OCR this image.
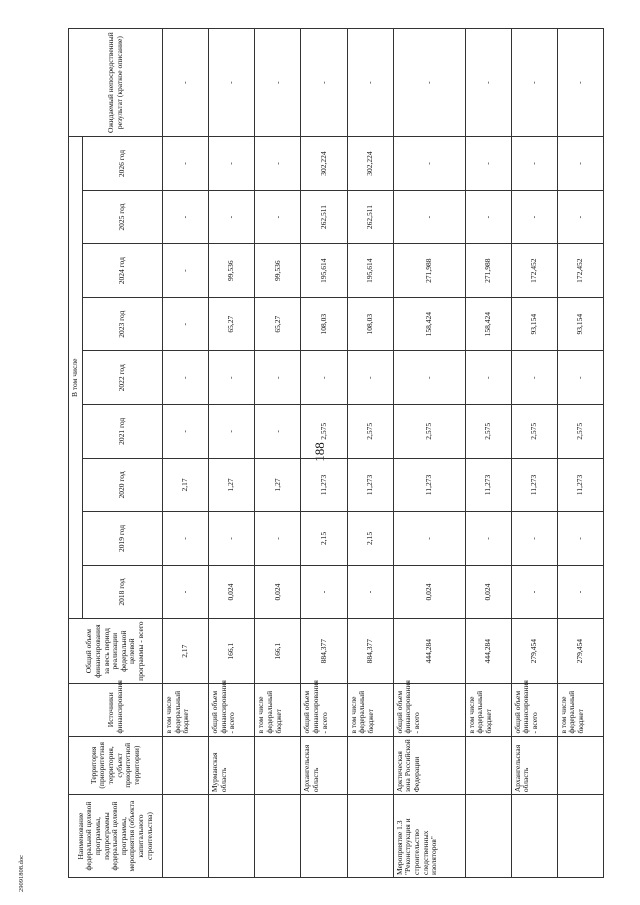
188
29091808.doc
Наименование федеральной целевой программы, подпрограммы федеральной целевой программы, мероприятия (объекта капитального строительства)	Территория (приоритетная территория, субъект приоритетной территории)	Источники финансирования	Общий объем финансирования за весь период реализации федеральной целевой программы - всего	В том числе									Ожидаемый непосредственный результат (краткое описание)
				2018 год	2019 год	2020 год	2021 год	2022 год	2023 год	2024 год	2025 год	2026 год	
		в том числе федеральный бюджет	2,17	-	-	2,17	-	-	-	-	-	-	-
	Мурманская область	общий объем финансирования - всего	166,1	0,024	-	1,27	-	-	65,27	99,536	-	-	-
		в том числе федеральный бюджет	166,1	0,024	-	1,27	-	-	65,27	99,536	-	-	-
	Архангельская область	общий объем финансирования - всего	884,377	-	2,15	11,273	2,575	-	108,03	195,614	262,511	302,224	-
		в том числе федеральный бюджет	884,377	-	2,15	11,273	2,575	-	108,03	195,614	262,511	302,224	-
Мероприятие 1.3 "Реконструкция и строительство следственных изоляторов"	Арктическая зона Российской Федерации	общий объем финансирования - всего	444,284	0,024	-	11,273	2,575	-	158,424	271,988	-	-	-
		в том числе федеральный бюджет	444,284	0,024	-	11,273	2,575	-	158,424	271,988	-	-	-
	Архангельская область	общий объем финансирования - всего	279,454	-	-	11,273	2,575	-	93,154	172,452	-	-	-
		в том числе федеральный бюджет	279,454	-	-	11,273	2,575	-	93,154	172,452	-	-	-
